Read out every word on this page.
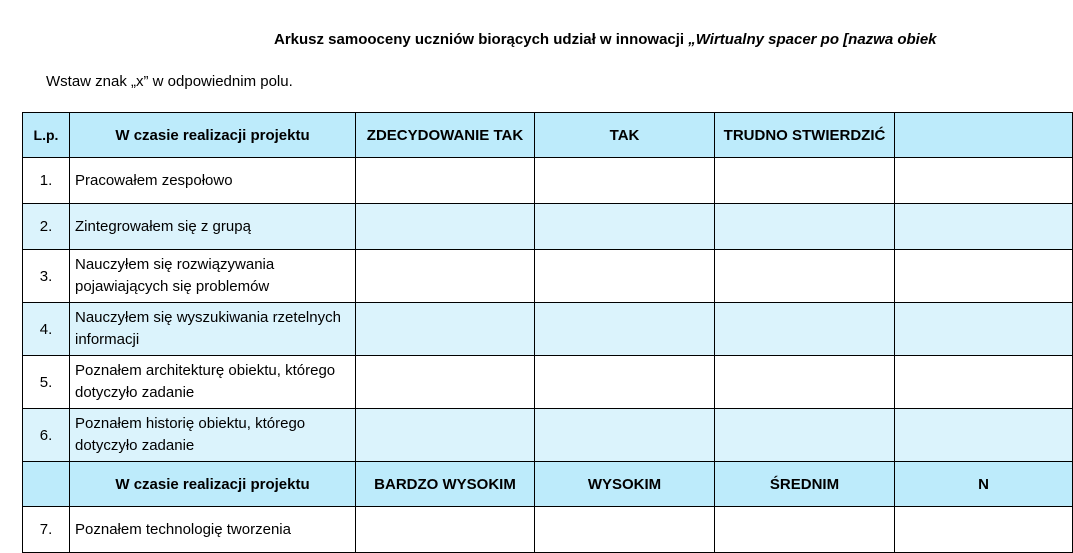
Arkusz samooceny uczniów biorących udział w innowacji „Wirtualny spacer po [nazwa obiek
Wstaw znak „x” w odpowiednim polu.
L.p.	W czasie realizacji projektu	ZDECYDOWANIE TAK	TAK	TRUDNO STWIERDZIĆ	
1.	Pracowałem zespołowo				
2.	Zintegrowałem się z grupą				
3.	Nauczyłem się rozwiązywania pojawiających się problemów				
4.	Nauczyłem się wyszukiwania rzetelnych informacji				
5.	Poznałem architekturę obiektu, którego dotyczyło zadanie				
6.	Poznałem historię obiektu, którego dotyczyło zadanie				
	W czasie realizacji projektu	BARDZO WYSOKIM	WYSOKIM	ŚREDNIM	N
7.	Poznałem technologię tworzenia				
